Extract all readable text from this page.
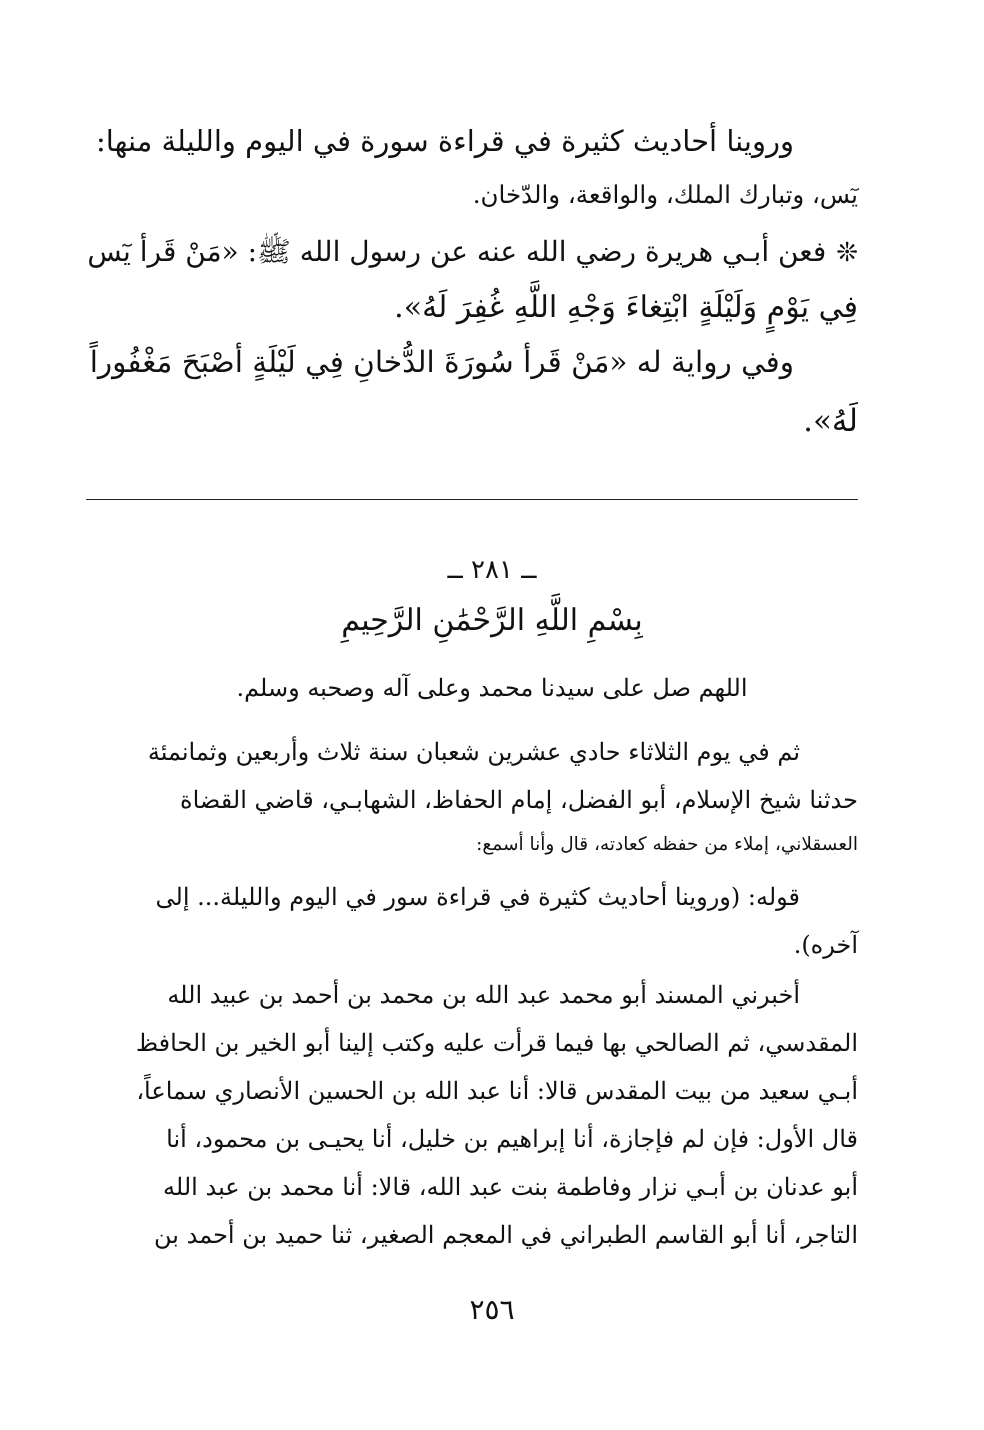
وروينا أحاديث كثيرة في قراءة سورة في اليوم والليلة منها:
يٓس، وتبارك الملك، والواقعة، والدّخان.
❊فعن أبـي هريرة رضي الله عنه عن رسول الله ﷺ: «مَنْ قَرأ يٓس
فِي يَوْمٍ وَلَيْلَةٍ ابْتِغاءَ وَجْهِ اللَّهِ غُفِرَ لَهُ».
وفي رواية له «مَنْ قَرأ سُورَةَ الدُّخانِ فِي لَيْلَةٍ أصْبَحَ مَغْفُوراً
لَهُ».
ــ ٢٨١ ــ
بِسْمِ اللَّهِ الرَّحْمَٰنِ الرَّحِيمِ
اللهم صل على سيدنا محمد وعلى آله وصحبه وسلم.
ثم في يوم الثلاثاء حادي عشرين شعبان سنة ثلاث وأربعين وثمانمئة
حدثنا شيخ الإسلام، أبو الفضل، إمام الحفاظ، الشهابـي، قاضي القضاة
العسقلاني، إملاء من حفظه كعادته، قال وأنا أسمع:
قوله: (وروينا أحاديث كثيرة في قراءة سور في اليوم والليلة... إلى
آخره).
أخبرني المسند أبو محمد عبد الله بن محمد بن أحمد بن عبيد الله
المقدسي، ثم الصالحي بها فيما قرأت عليه وكتب إلينا أبو الخير بن الحافظ
أبـي سعيد من بيت المقدس قالا: أنا عبد الله بن الحسين الأنصاري سماعاً،
قال الأول: فإن لم فإجازة، أنا إبراهيم بن خليل، أنا يحيـى بن محمود، أنا
أبو عدنان بن أبـي نزار وفاطمة بنت عبد الله، قالا: أنا محمد بن عبد الله
التاجر، أنا أبو القاسم الطبراني في المعجم الصغير، ثنا حميد بن أحمد بن
٢٥٦
